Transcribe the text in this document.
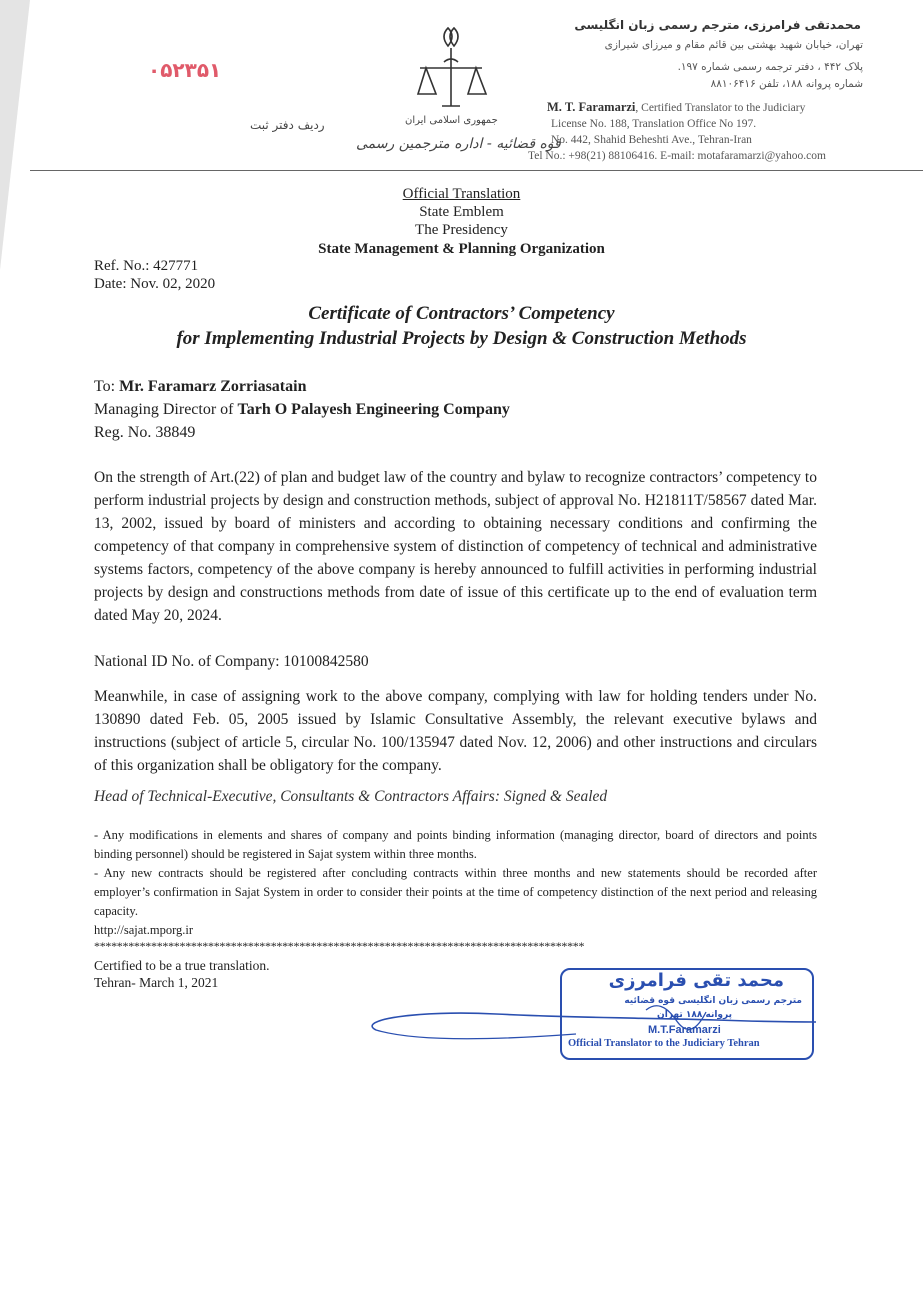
محمدتقی فرامرزی، مترجم رسمی زبان انگلیسی
تهران، خیابان شهید بهشتی بین قائم مقام و میرزای شیرازی
پلاک ۴۴۲ ، دفتر ترجمه رسمی شماره ۱۹۷.
شماره پروانه ۱۸۸، تلفن ۸۸۱۰۶۴۱۶
M. T. Faramarzi, Certified Translator to the Judiciary
License No. 188, Translation Office No 197.
No. 442, Shahid Beheshti Ave., Tehran-Iran
Tel No.: +98(21) 88106416. E-mail: motafaramarzi@yahoo.com
جمهوری اسلامی ایران
قوه قضائیه - اداره مترجمین رسمی
۰۵۲۳۵۱
ردیف دفتر ثبت
Official Translation
State Emblem
The Presidency
State Management & Planning Organization
Ref. No.: 427771
Date: Nov. 02, 2020
Certificate of Contractors’ Competency
for Implementing Industrial Projects by Design & Construction Methods
To: Mr. Faramarz Zorriasatain
Managing Director of Tarh O Palayesh Engineering Company
Reg. No. 38849
On the strength of Art.(22) of plan and budget law of the country and bylaw to recognize contractors’ competency to perform industrial projects by design and construction methods, subject of approval No. H21811T/58567 dated Mar. 13, 2002, issued by board of ministers and according to obtaining necessary conditions and confirming the competency of that company in comprehensive system of distinction of competency of technical and administrative systems factors, competency of the above company is hereby announced to fulfill activities in performing industrial projects by design and constructions methods from date of issue of this certificate up to the end of evaluation term dated May 20, 2024.
National ID No. of Company: 10100842580
Meanwhile, in case of assigning work to the above company, complying with law for holding tenders under No. 130890 dated Feb. 05, 2005 issued by Islamic Consultative Assembly, the relevant executive bylaws and instructions (subject of article 5, circular No. 100/135947 dated Nov. 12, 2006) and other instructions and circulars of this organization shall be obligatory for the company.
Head of Technical-Executive, Consultants & Contractors Affairs: Signed & Sealed
- Any modifications in elements and shares of company and points binding information (managing director, board of directors and points binding personnel) should be registered in Sajat system within three months.
- Any new contracts should be registered after concluding contracts within three months and new statements should be recorded after employer’s confirmation in Sajat System in order to consider their points at the time of competency distinction of the next period and releasing capacity.
http://sajat.mporg.ir
**************************************************************************************
Certified to be a true translation.
Tehran- March 1, 2021	محمد تقی فرامرزی
مترجم رسمی زبان انگلیسی قوه قضائیه
پروانه ۱۸۸ تهران
M.T.Faramarzi
Official Translator to the Judiciary Tehran
